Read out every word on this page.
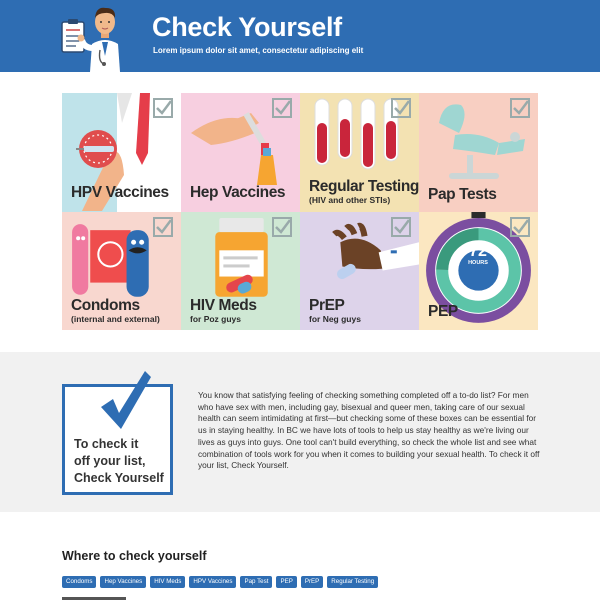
Check Yourself
Lorem ipsum dolor sit amet, consectetur adipiscing elit
HPV Vaccines Hep Vaccines Regular Testing
(HIV and other STIs) Pap Tests
Condoms
(internal and external)
HIV Meds
for Poz guys
PrEP
for Neg guys
72
HOURS
PEP
To check it
off your list,
Check Yourself

You know that satisfying feeling of checking something completed off a to-do list? For men who have sex with men, including gay, bisexual and queer men, taking care of our sexual health can seem intimidating at first—but checking some of these boxes can be essential for us in staying healthy. In BC we have lots of tools to help us stay healthy as we're living our lives as guys into guys. One tool can't build everything, so check the whole list and see what combination of tools work for you when it comes to building your sexual health. To check it off your list, Check Yourself.

Where to check yourself
Condoms	Hep Vaccines	HIV Meds	HPV Vaccines	Pap Test	PEP	PrEP	Regular Testing
